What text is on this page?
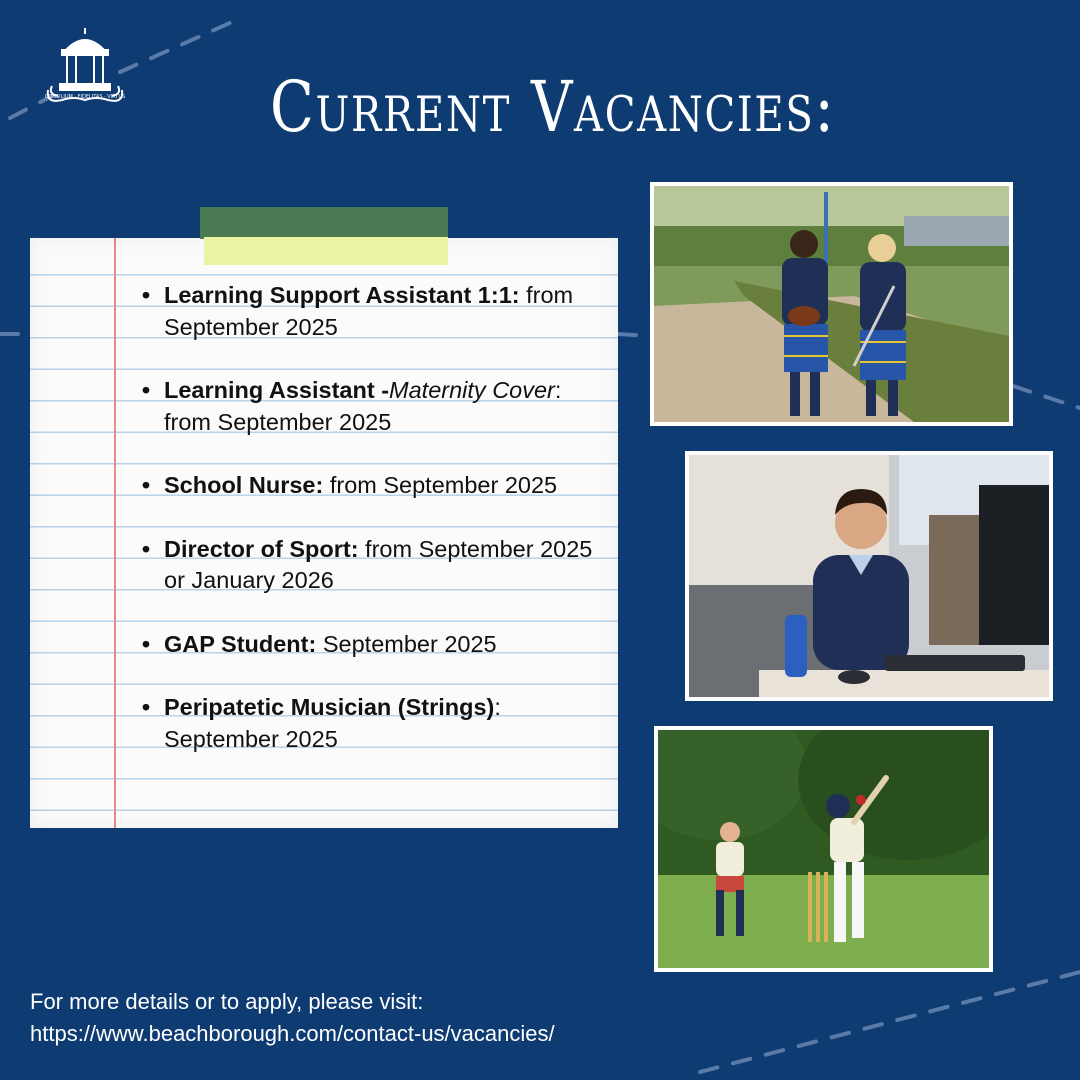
CONSILIUM · FIDELITAS · VIRTUS Current Vacancies:
• Learning Support Assistant 1:1: from September 2025
• Learning Assistant -Maternity Cover: from September 2025
• School Nurse: from September 2025
• Director of Sport: from September 2025 or January 2026
• GAP Student: September 2025
• Peripatetic Musician (Strings): September 2025
For more details or to apply, please visit:
https://www.beachborough.com/contact-us/vacancies/
